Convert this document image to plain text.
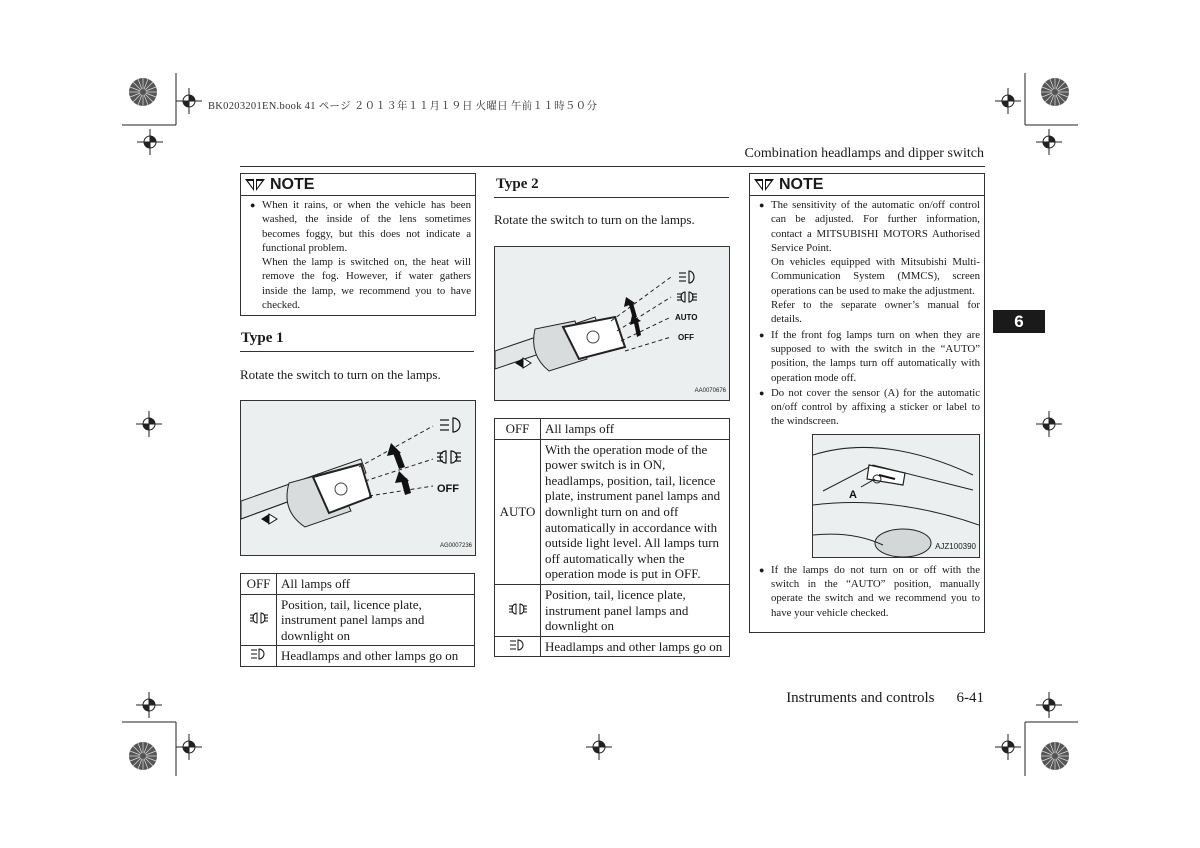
BK0203201EN.book 41 ページ ２０１３年１１月１９日 火曜日 午前１１時５０分
Combination headlamps and dipper switch
6
NOTE
● When it rains, or when the vehicle has been washed, the inside of the lens sometimes becomes foggy, but this does not indicate a functional problem.
When the lamp is switched on, the heat will remove the fog. However, if water gathers inside the lamp, we recommend you to have checked.
Type 1
Rotate the switch to turn on the lamps.
OFF
AG0007236
OFF	All lamps off
	Position, tail, licence plate, instrument panel lamps and downlight on
	Headlamps and other lamps go on
Type 2
Rotate the switch to turn on the lamps.
AUTO
OFF
AA0070676
OFF	All lamps off
AUTO	With the operation mode of the power switch is in ON, headlamps, position, tail, licence plate, instrument panel lamps and downlight turn on and off automatically in accordance with outside light level. All lamps turn off automatically when the operation mode is put in OFF.
	Position, tail, licence plate, instrument panel lamps and downlight on
	Headlamps and other lamps go on
NOTE
● The sensitivity of the automatic on/off control can be adjusted. For further information, contact a MITSUBISHI MOTORS Authorised Service Point.
On vehicles equipped with Mitsubishi Multi-Communication System (MMCS), screen operations can be used to make the adjustment.
Refer to the separate owner’s manual for details.
● If the front fog lamps turn on when they are supposed to with the switch in the “AUTO” position, the lamps turn off automatically with operation mode off.
● Do not cover the sensor (A) for the automatic on/off control by affixing a sticker or label to the windscreen.
A
AJZ100390
● If the lamps do not turn on or off with the switch in the “AUTO” position, manually operate the switch and we recommend you to have your vehicle checked.
Instruments and controls 6-41
